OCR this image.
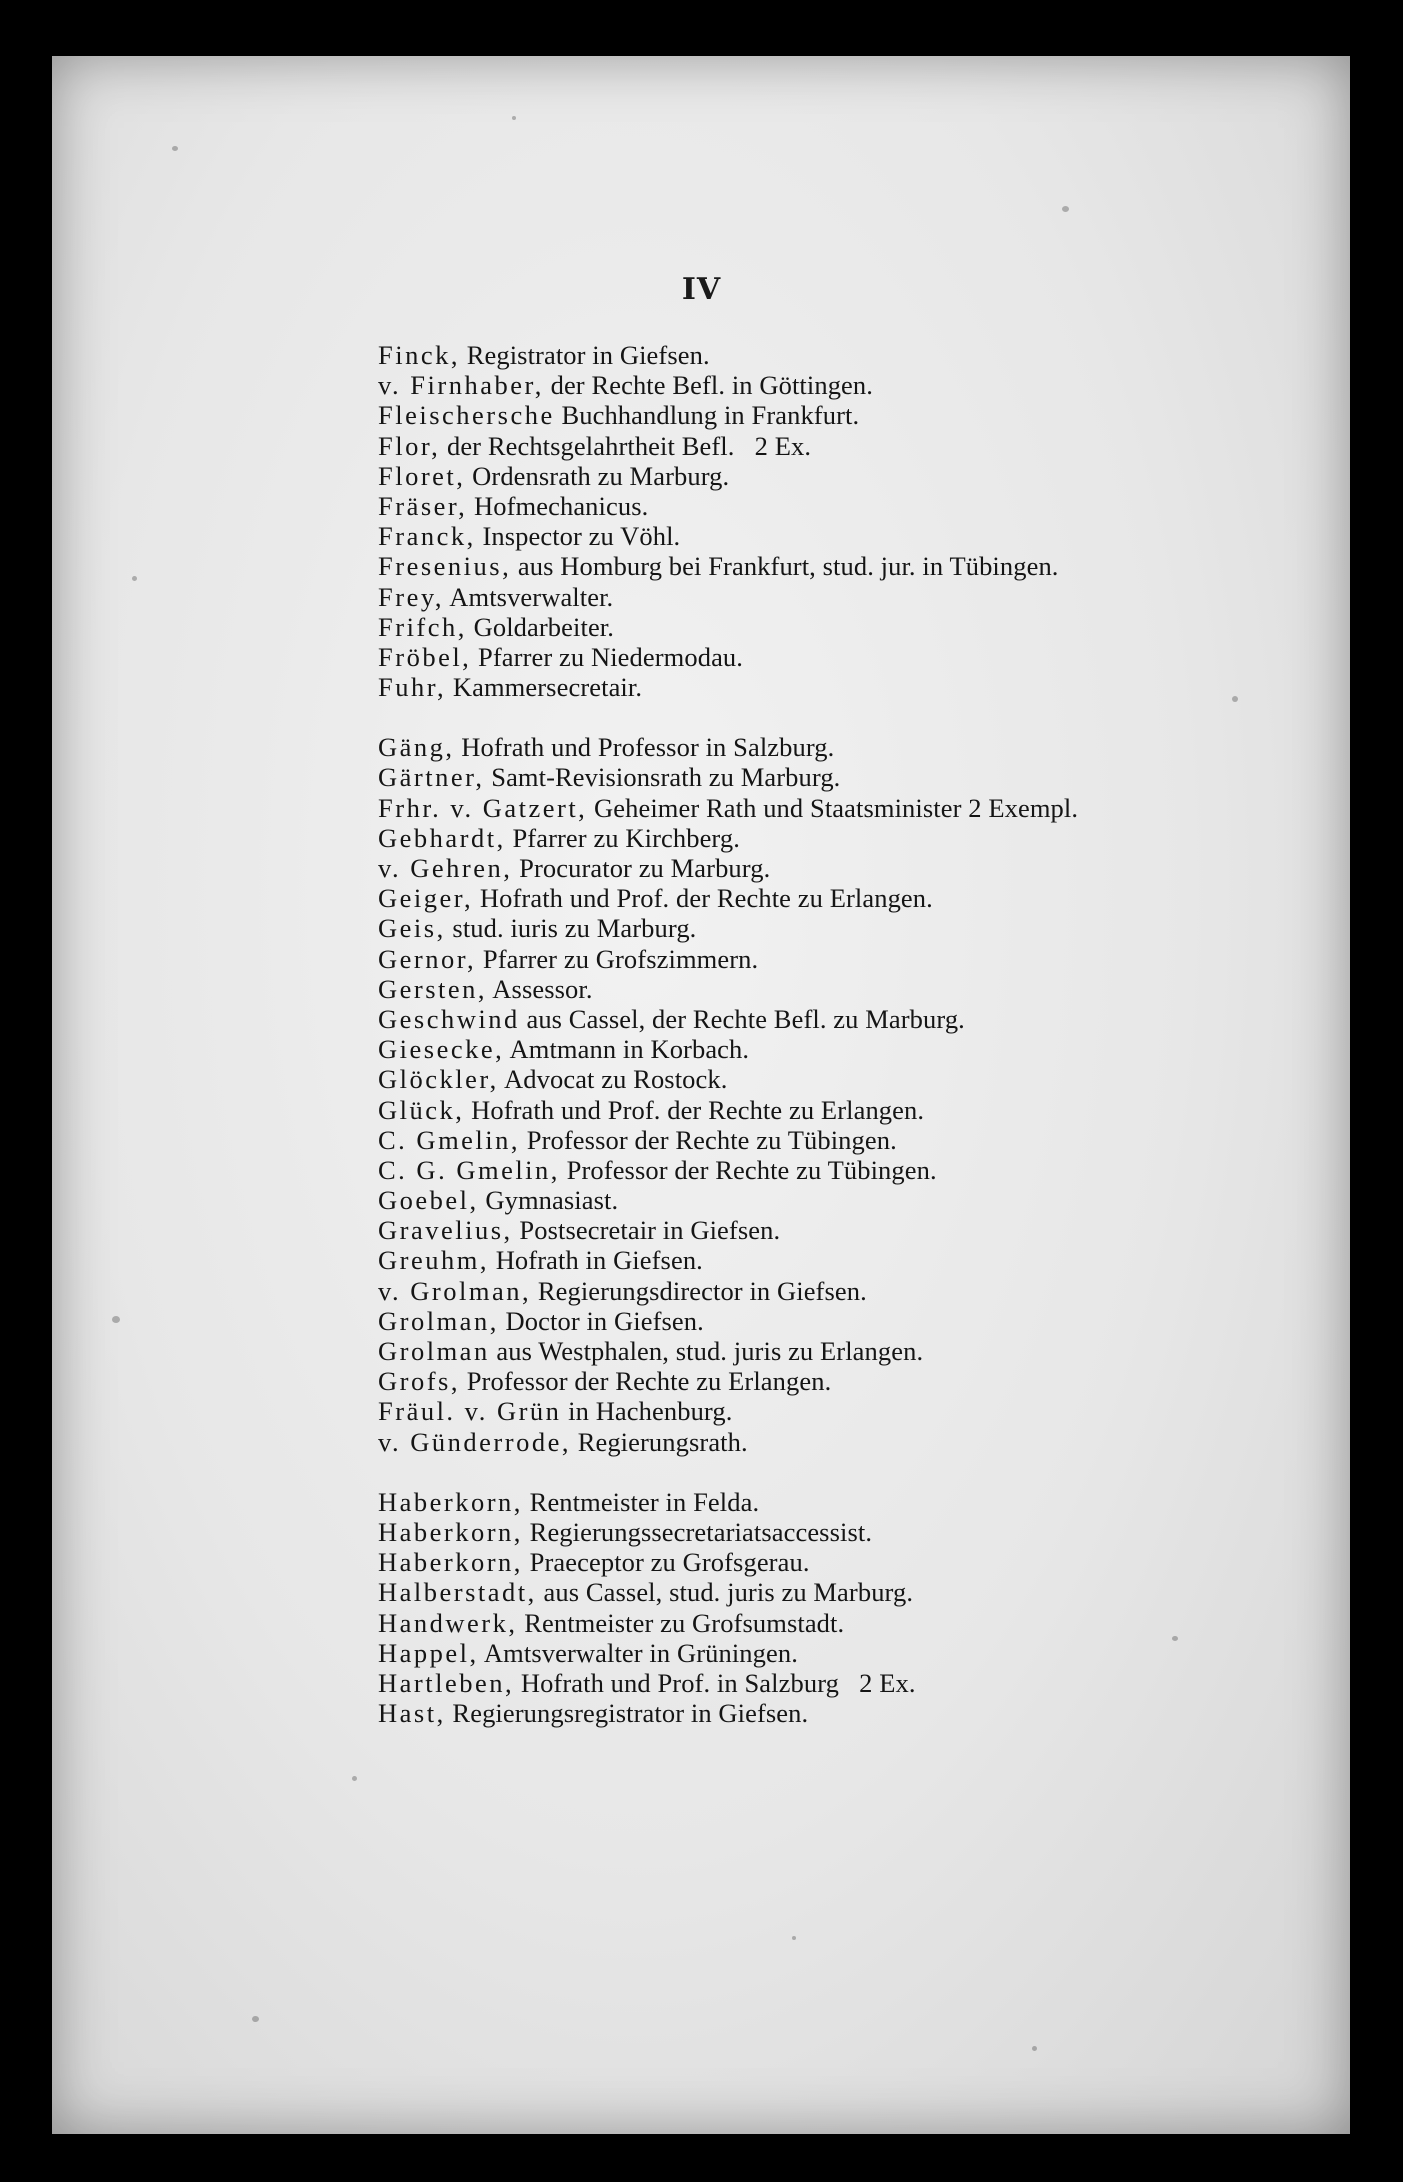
IV
Finck, Registrator in Giefsen.
v. Firnhaber, der Rechte Befl. in Göttingen.
Fleischersche Buchhandlung in Frankfurt.
Flor, der Rechtsgelahrtheit Befl.   2 Ex.
Floret, Ordensrath zu Marburg.
Fräser, Hofmechanicus.
Franck, Inspector zu Vöhl.
Fresenius, aus Homburg bei Frankfurt, stud. jur. in Tübingen.
Frey, Amtsverwalter.
Frifch, Goldarbeiter.
Fröbel, Pfarrer zu Niedermodau.
Fuhr, Kammersecretair.
Gäng, Hofrath und Professor in Salzburg.
Gärtner, Samt-Revisionsrath zu Marburg.
Frhr. v. Gatzert, Geheimer Rath und Staatsminister 2 Exempl.
Gebhardt, Pfarrer zu Kirchberg.
v. Gehren, Procurator zu Marburg.
Geiger, Hofrath und Prof. der Rechte zu Erlangen.
Geis, stud. iuris zu Marburg.
Gernor, Pfarrer zu Grofszimmern.
Gersten, Assessor.
Geschwind aus Cassel, der Rechte Befl. zu Marburg.
Giesecke, Amtmann in Korbach.
Glöckler, Advocat zu Rostock.
Glück, Hofrath und Prof. der Rechte zu Erlangen.
C. Gmelin, Professor der Rechte zu Tübingen.
C. G. Gmelin, Professor der Rechte zu Tübingen.
Goebel, Gymnasiast.
Gravelius, Postsecretair in Giefsen.
Greuhm, Hofrath in Giefsen.
v. Grolman, Regierungsdirector in Giefsen.
Grolman, Doctor in Giefsen.
Grolman aus Westphalen, stud. juris zu Erlangen.
Grofs, Professor der Rechte zu Erlangen.
Fräul. v. Grün in Hachenburg.
v. Günderrode, Regierungsrath.
Haberkorn, Rentmeister in Felda.
Haberkorn, Regierungssecretariatsaccessist.
Haberkorn, Praeceptor zu Grofsgerau.
Halberstadt, aus Cassel, stud. juris zu Marburg.
Handwerk, Rentmeister zu Grofsumstadt.
Happel, Amtsverwalter in Grüningen.
Hartleben, Hofrath und Prof. in Salzburg   2 Ex.
Hast, Regierungsregistrator in Giefsen.
